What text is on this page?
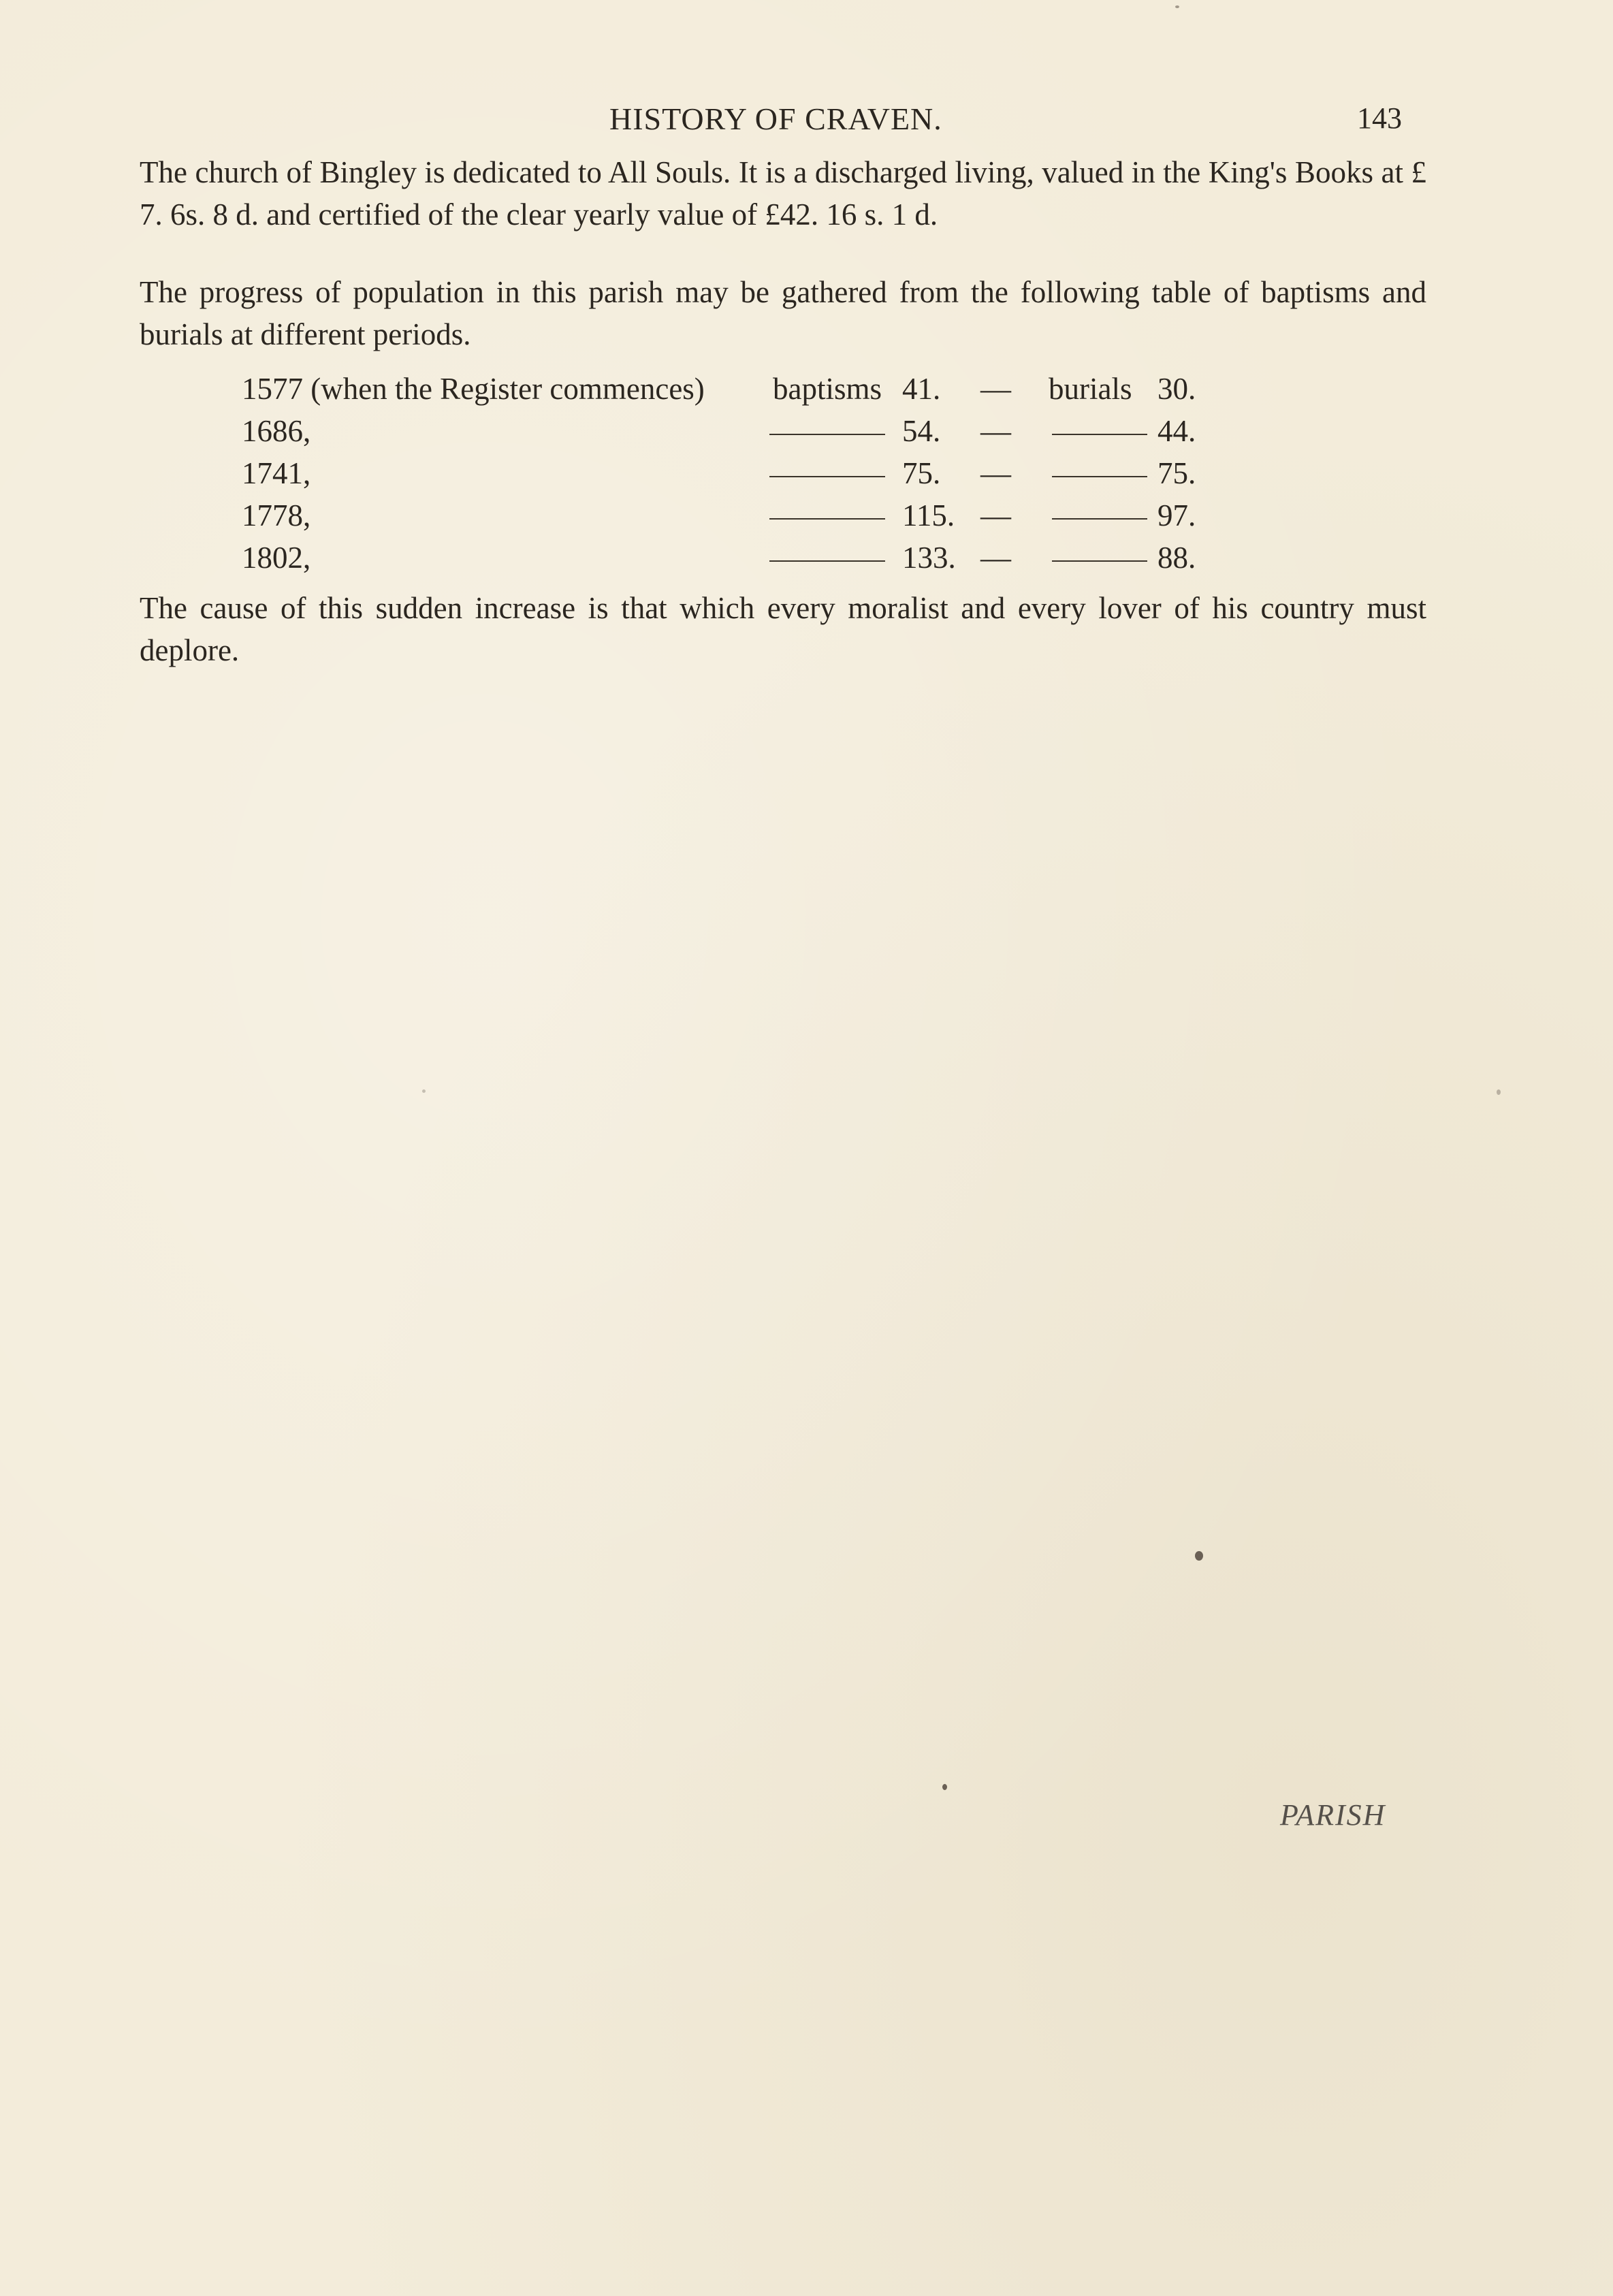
HISTORY OF CRAVEN.	143

The church of Bingley is dedicated to All Souls. It is a discharged living, valued in the King's Books at £ 7. 6s. 8 d. and certified of the clear yearly value of £42. 16 s. 1 d.

The progress of population in this parish may be gathered from the following table of baptisms and burials at different periods.

1577 (when the Register commences) baptisms 41. — burials 30.
1686,	54. —	44.
1741,	75. —	75.
1778,	115. —	97.
1802,	133. —	88.

The cause of this sudden increase is that which every moralist and every lover of his country must deplore.

PARISH
